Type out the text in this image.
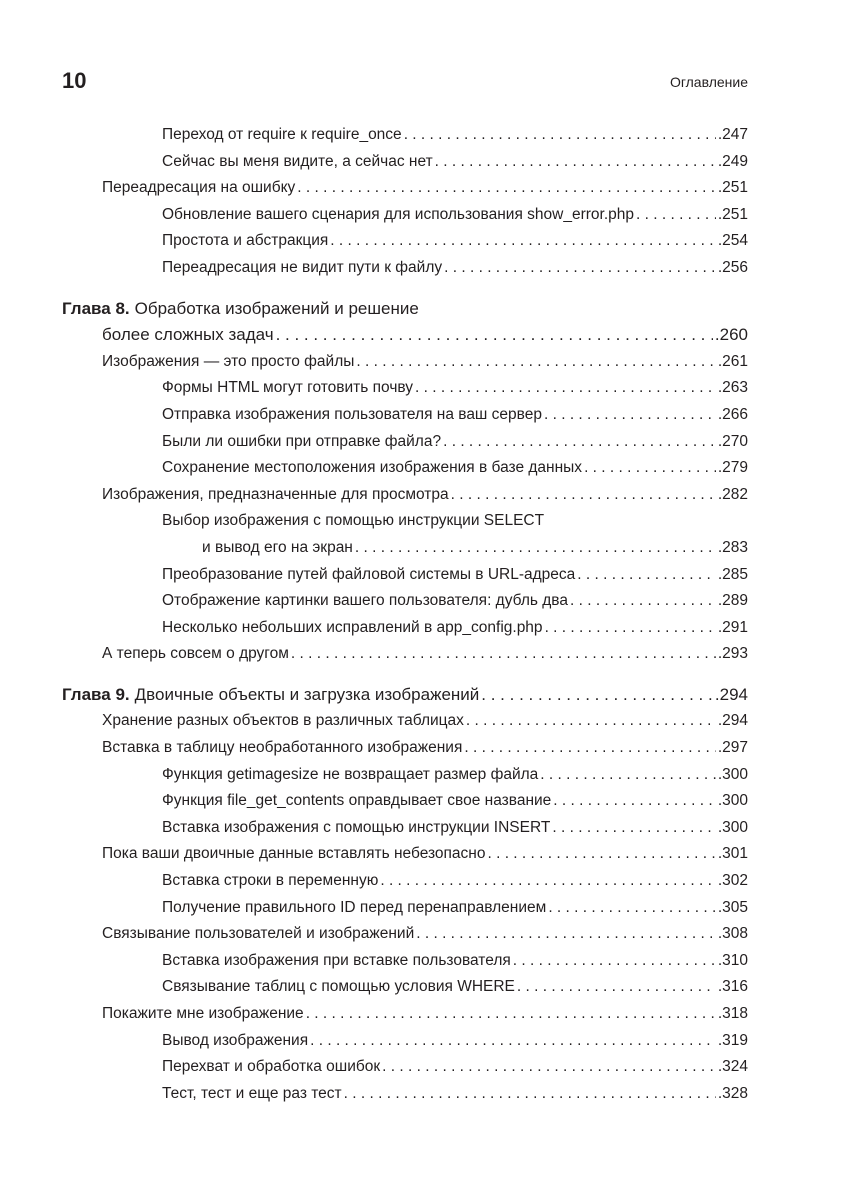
10	Оглавление
Переход от require к require_once . . .	.247
Сейчас вы меня видите, а сейчас нет . . .	.249
Переадресация на ошибку . . .	.251
Обновление вашего сценария для использования show_error.php . . .	.251
Простота и абстракция . . .	.254
Переадресация не видит пути к файлу . . .	.256
Глава 8. Обработка изображений и решение
более сложных задач . . .	.260
Изображения — это просто файлы . . .	.261
Формы HTML могут готовить почву . . .	.263
Отправка изображения пользователя на ваш сервер . . .	.266
Были ли ошибки при отправке файла? . . .	.270
Сохранение местоположения изображения в базе данных . . .	.279
Изображения, предназначенные для просмотра . . .	.282
Выбор изображения с помощью инструкции SELECT
и вывод его на экран . . .	.283
Преобразование путей файловой системы в URL-адреса . . .	.285
Отображение картинки вашего пользователя: дубль два . . .	.289
Несколько небольших исправлений в app_config.php . . .	.291
А теперь совсем о другом . . .	.293
Глава 9. Двоичные объекты и загрузка изображений . . .	.294
Хранение разных объектов в различных таблицах . . .	.294
Вставка в таблицу необработанного изображения . . .	.297
Функция getimagesize не возвращает размер файла . . .	.300
Функция file_get_contents оправдывает свое название . . .	.300
Вставка изображения с помощью инструкции INSERT . . .	.300
Пока ваши двоичные данные вставлять небезопасно . . .	.301
Вставка строки в переменную . . .	.302
Получение правильного ID перед перенаправлением . . .	.305
Связывание пользователей и изображений . . .	.308
Вставка изображения при вставке пользователя . . .	.310
Связывание таблиц с помощью условия WHERE . . .	.316
Покажите мне изображение . . .	.318
Вывод изображения . . .	.319
Перехват и обработка ошибок . . .	.324
Тест, тест и еще раз тест . . .	.328
